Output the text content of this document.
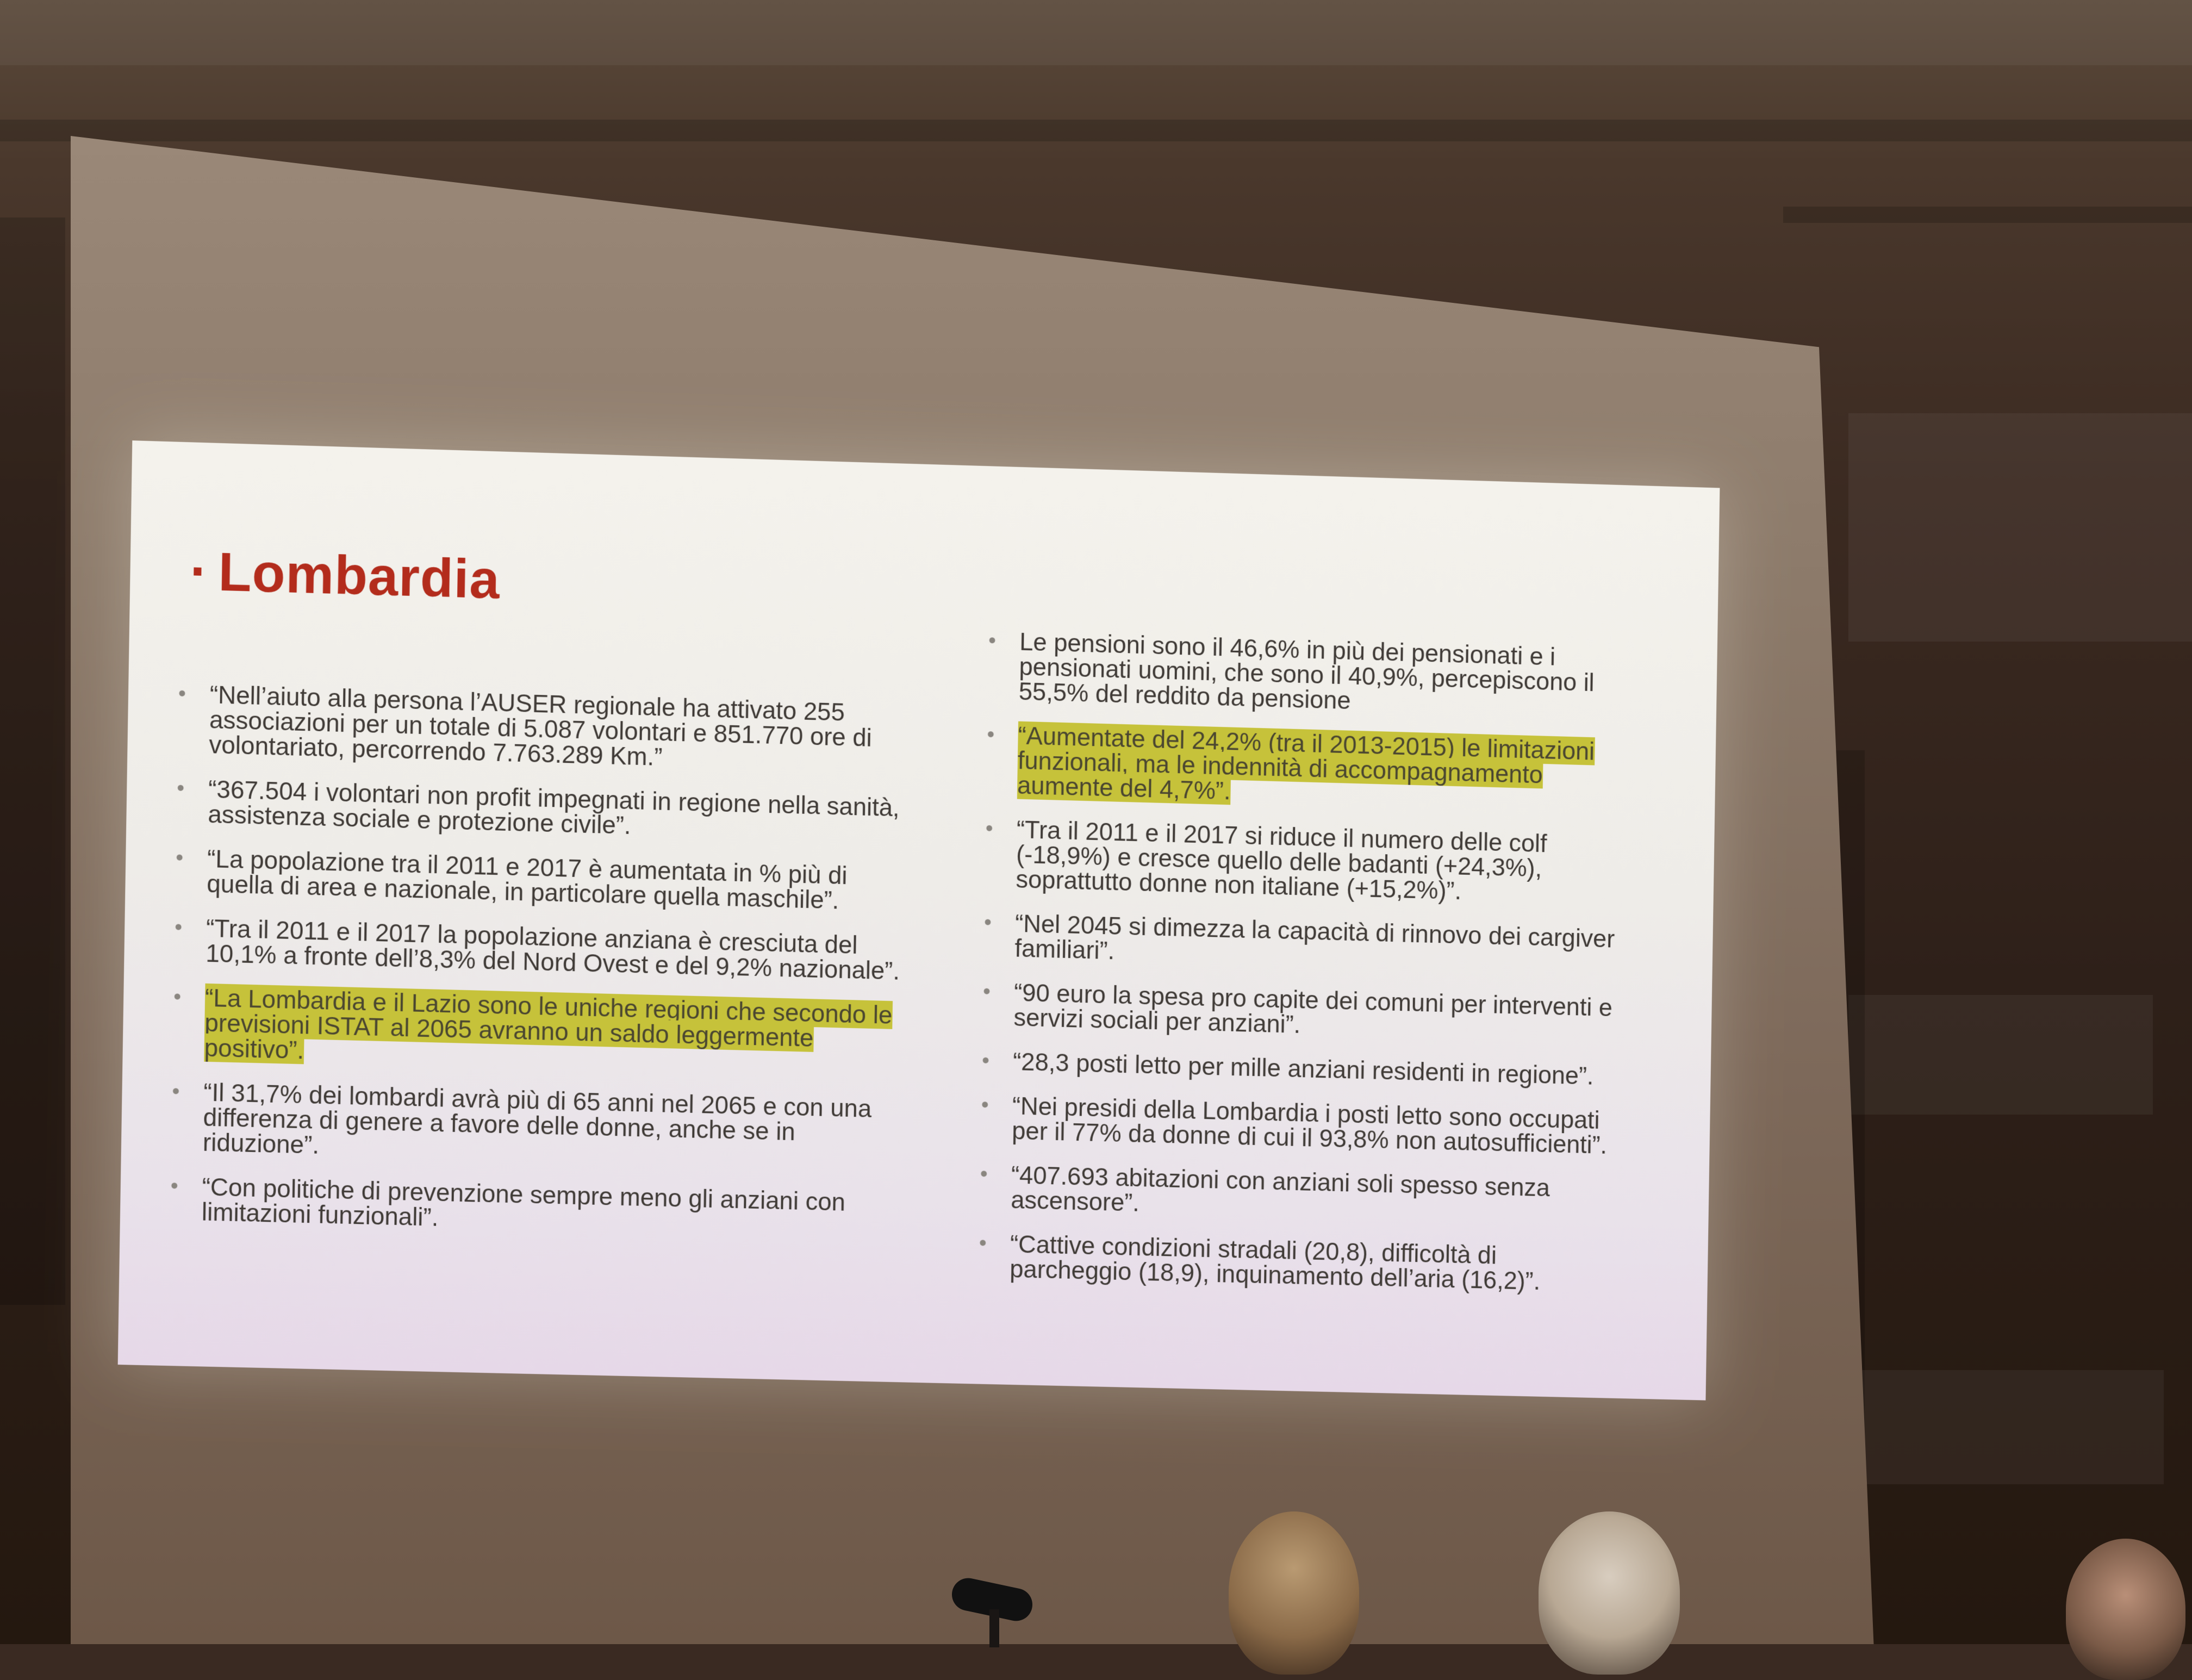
· Lombardia
• “Nell’aiuto alla persona l’AUSER regionale ha attivato 255 associazioni per un totale di 5.087 volontari e 851.770 ore di volontariato, percorrendo 7.763.289 Km.”
• “367.504 i volontari non profit impegnati in regione nella sanità, assistenza sociale e protezione civile”.
• “La popolazione tra il 2011 e 2017 è aumentata in % più di quella di area e nazionale, in particolare quella maschile”.
• “Tra il 2011 e il 2017 la popolazione anziana è cresciuta del 10,1% a fronte dell’8,3% del Nord Ovest e del 9,2% nazionale”.
• “La Lombardia e il Lazio sono le uniche regioni che secondo le previsioni ISTAT al 2065 avranno un saldo leggermente positivo”.
• “Il 31,7% dei lombardi avrà più di 65 anni nel 2065 e con una differenza di genere a favore delle donne, anche se in riduzione”.
• “Con politiche di prevenzione sempre meno gli anziani con limitazioni funzionali”.
• Le pensioni sono il 46,6% in più dei pensionati e i pensionati uomini, che sono il 40,9%, percepiscono il 55,5% del reddito da pensione
• “Aumentate del 24,2% (tra il 2013-2015) le limitazioni funzionali, ma le indennità di accompagnamento aumente del 4,7%”.
• “Tra il 2011 e il 2017 si riduce il numero delle colf (-18,9%) e cresce quello delle badanti (+24,3%), soprattutto donne non italiane (+15,2%)”.
• “Nel 2045 si dimezza la capacità di rinnovo dei cargiver familiari”.
• “90 euro la spesa pro capite dei comuni per interventi e servizi sociali per anziani”.
• “28,3 posti letto per mille anziani residenti in regione”.
• “Nei presidi della Lombardia i posti letto sono occupati per il 77% da donne di cui il 93,8% non autosufficienti”.
• “407.693 abitazioni con anziani soli spesso senza ascensore”.
• “Cattive condizioni stradali (20,8), difficoltà di parcheggio (18,9), inquinamento dell’aria (16,2)”.
